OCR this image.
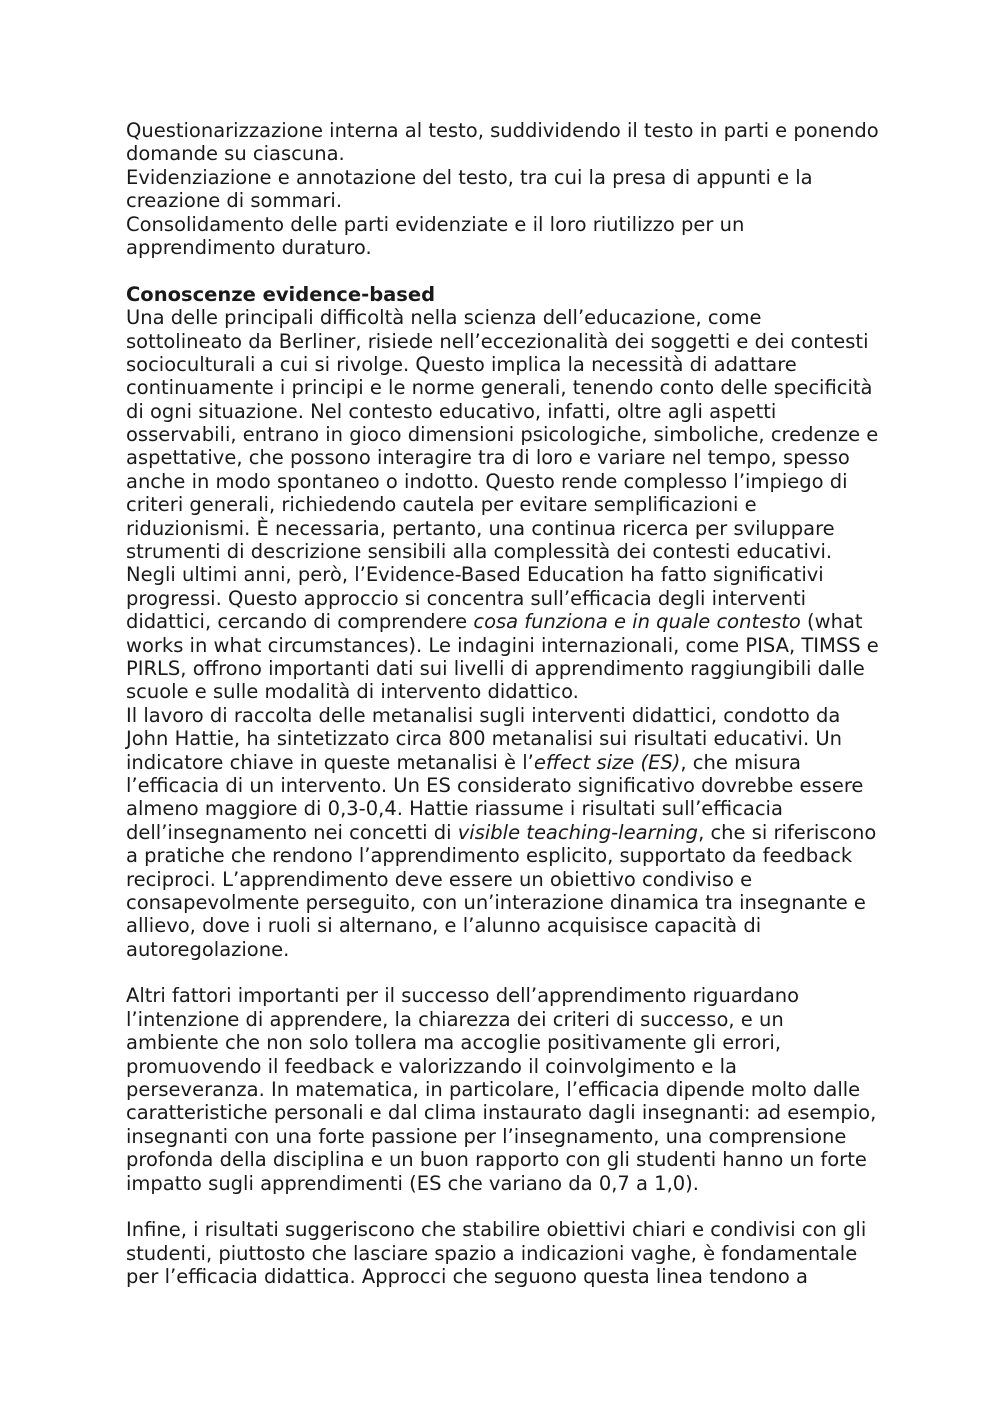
Questionarizzazione interna al testo, suddividendo il testo in parti e ponendo
domande su ciascuna.
Evidenziazione e annotazione del testo, tra cui la presa di appunti e la
creazione di sommari.
Consolidamento delle parti evidenziate e il loro riutilizzo per un
apprendimento duraturo.
Conoscenze evidence-based
Una delle principali difficoltà nella scienza dell’educazione, come
sottolineato da Berliner, risiede nell’eccezionalità dei soggetti e dei contesti
socioculturali a cui si rivolge. Questo implica la necessità di adattare
continuamente i principi e le norme generali, tenendo conto delle specificità
di ogni situazione. Nel contesto educativo, infatti, oltre agli aspetti
osservabili, entrano in gioco dimensioni psicologiche, simboliche, credenze e
aspettative, che possono interagire tra di loro e variare nel tempo, spesso
anche in modo spontaneo o indotto. Questo rende complesso l’impiego di
criteri generali, richiedendo cautela per evitare semplificazioni e
riduzionismi. È necessaria, pertanto, una continua ricerca per sviluppare
strumenti di descrizione sensibili alla complessità dei contesti educativi.
Negli ultimi anni, però, l’Evidence-Based Education ha fatto significativi
progressi. Questo approccio si concentra sull’efficacia degli interventi
didattici, cercando di comprendere cosa funziona e in quale contesto (what
works in what circumstances). Le indagini internazionali, come PISA, TIMSS e
PIRLS, offrono importanti dati sui livelli di apprendimento raggiungibili dalle
scuole e sulle modalità di intervento didattico.
Il lavoro di raccolta delle metanalisi sugli interventi didattici, condotto da
John Hattie, ha sintetizzato circa 800 metanalisi sui risultati educativi. Un
indicatore chiave in queste metanalisi è l’effect size (ES), che misura
l’efficacia di un intervento. Un ES considerato significativo dovrebbe essere
almeno maggiore di 0,3-0,4. Hattie riassume i risultati sull’efficacia
dell’insegnamento nei concetti di visible teaching-learning, che si riferiscono
a pratiche che rendono l’apprendimento esplicito, supportato da feedback
reciproci. L’apprendimento deve essere un obiettivo condiviso e
consapevolmente perseguito, con un’interazione dinamica tra insegnante e
allievo, dove i ruoli si alternano, e l’alunno acquisisce capacità di
autoregolazione.
Altri fattori importanti per il successo dell’apprendimento riguardano
l’intenzione di apprendere, la chiarezza dei criteri di successo, e un
ambiente che non solo tollera ma accoglie positivamente gli errori,
promuovendo il feedback e valorizzando il coinvolgimento e la
perseveranza. In matematica, in particolare, l’efficacia dipende molto dalle
caratteristiche personali e dal clima instaurato dagli insegnanti: ad esempio,
insegnanti con una forte passione per l’insegnamento, una comprensione
profonda della disciplina e un buon rapporto con gli studenti hanno un forte
impatto sugli apprendimenti (ES che variano da 0,7 a 1,0).
Infine, i risultati suggeriscono che stabilire obiettivi chiari e condivisi con gli
studenti, piuttosto che lasciare spazio a indicazioni vaghe, è fondamentale
per l’efficacia didattica. Approcci che seguono questa linea tendono a
